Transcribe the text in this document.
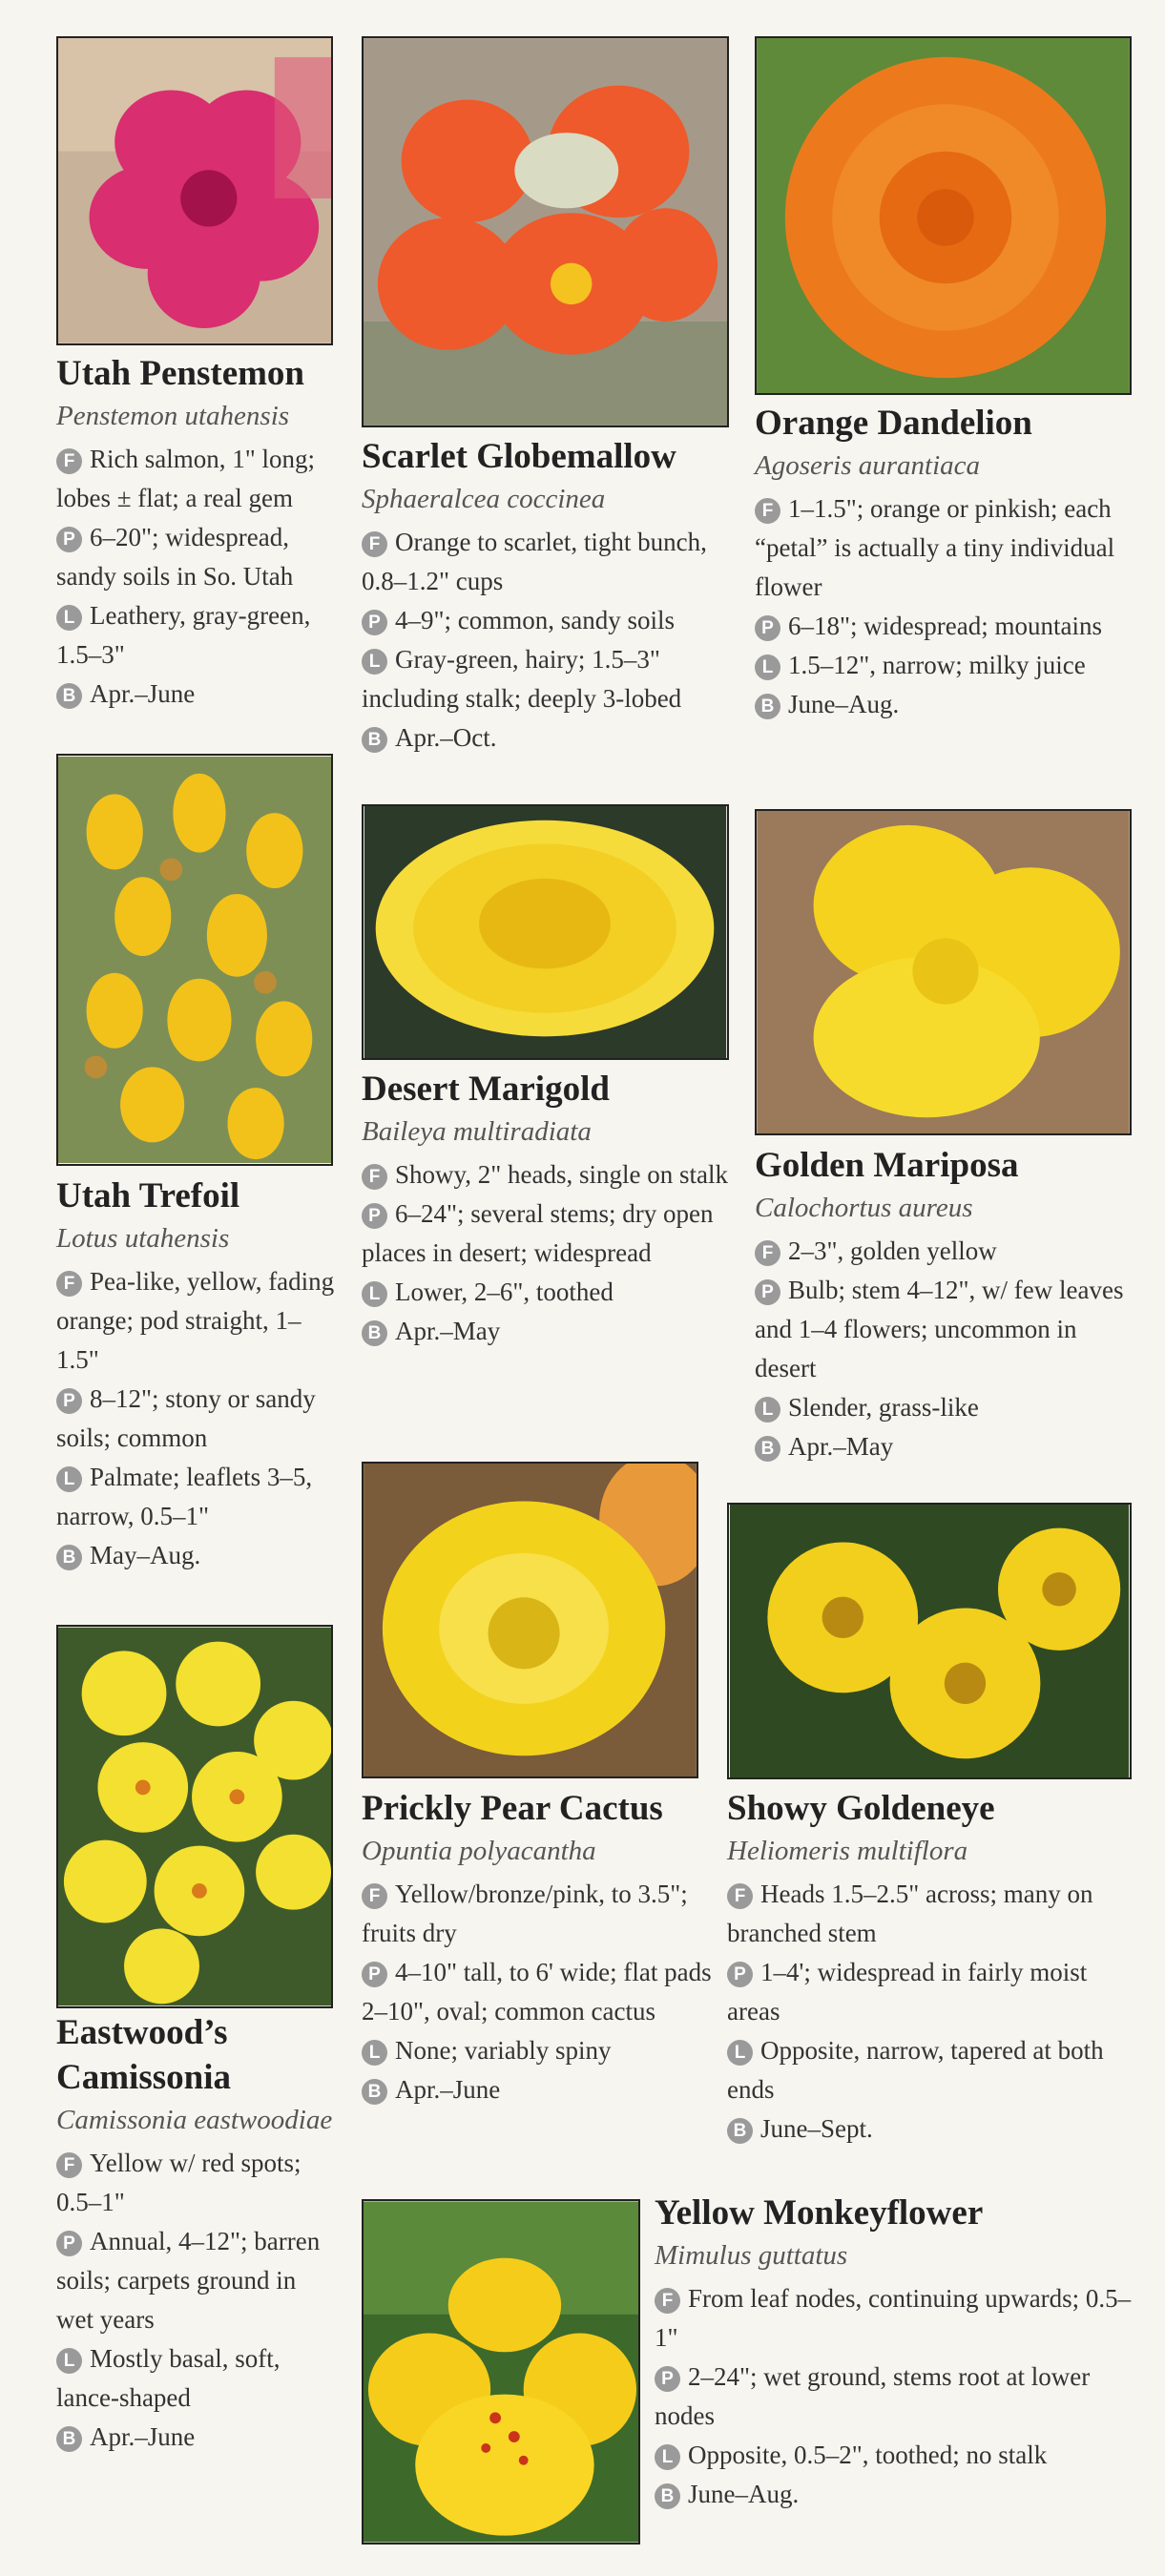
Utah Penstemon

Penstemon utahensis

F Rich salmon, 1" long; lobes ± flat; a real gem
P 6–20"; widespread, sandy soils in So. Utah
L Leathery, gray-green, 1.5–3"
B Apr.–June
Utah Trefoil

Lotus utahensis

F Pea-like, yellow, fading orange; pod straight, 1–1.5"
P 8–12"; stony or sandy soils; common
L Palmate; leaflets 3–5, narrow, 0.5–1"
B May–Aug.
Eastwood’s Camissonia

Camissonia eastwoodiae

F Yellow w/ red spots; 0.5–1"
P Annual, 4–12"; barren soils; carpets ground in wet years
L Mostly basal, soft, lance-shaped
B Apr.–June
Scarlet Globemallow

Sphaeralcea coccinea

F Orange to scarlet, tight bunch, 0.8–1.2" cups
P 4–9"; common, sandy soils
L Gray-green, hairy; 1.5–3" including stalk; deeply 3-lobed
B Apr.–Oct.
Desert Marigold

Baileya multiradiata

F Showy, 2" heads, single on stalk
P 6–24"; several stems; dry open places in desert; widespread
L Lower, 2–6", toothed
B Apr.–May
Prickly Pear Cactus

Opuntia polyacantha

F Yellow/bronze/pink, to 3.5"; fruits dry
P 4–10" tall, to 6' wide; flat pads 2–10", oval; common cactus
L None; variably spiny
B Apr.–June
Orange Dandelion

Agoseris aurantiaca

F 1–1.5"; orange or pinkish; each “petal” is actually a tiny individual flower
P 6–18"; widespread; mountains
L 1.5–12", narrow; milky juice
B June–Aug.
Golden Mariposa

Calochortus aureus

F 2–3", golden yellow
P Bulb; stem 4–12", w/ few leaves and 1–4 flowers; uncommon in desert
L Slender, grass-like
B Apr.–May
Showy Goldeneye

Heliomeris multiflora

F Heads 1.5–2.5" across; many on branched stem
P 1–4'; widespread in fairly moist areas
L Opposite, narrow, tapered at both ends
B June–Sept.
Yellow Monkeyflower

Mimulus guttatus

F From leaf nodes, continuing upwards; 0.5–1"
P 2–24"; wet ground, stems root at lower nodes
L Opposite, 0.5–2", toothed; no stalk
B June–Aug.
